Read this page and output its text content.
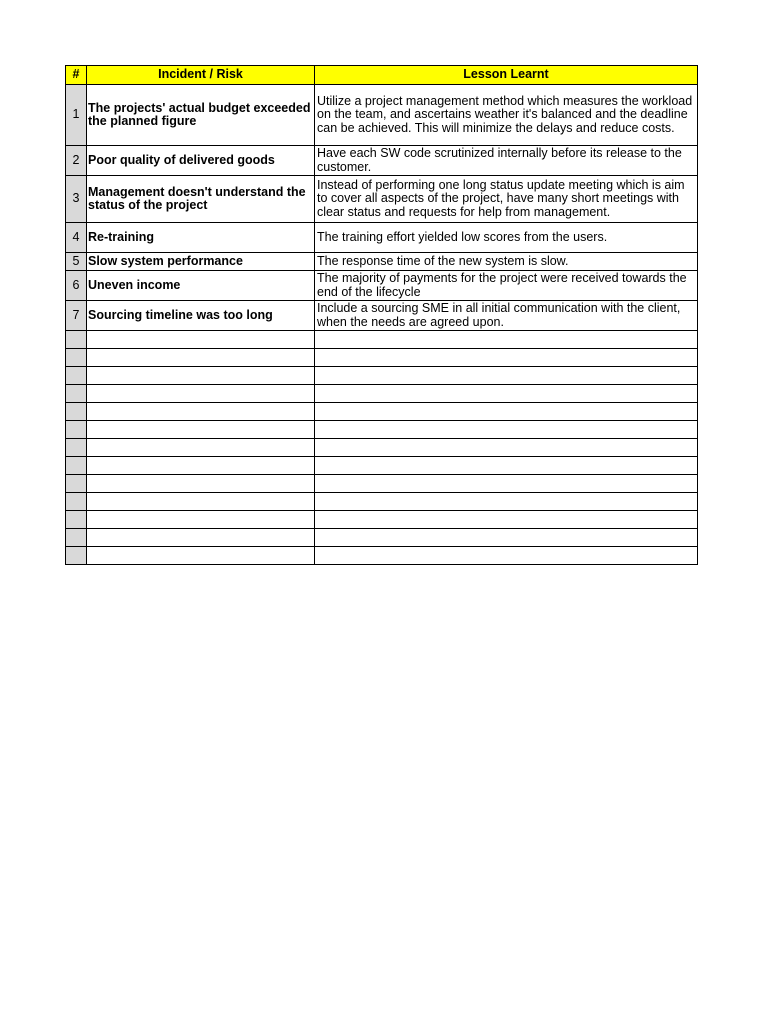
#	Incident / Risk	Lesson Learnt
1	The projects' actual budget exceeded the planned figure	Utilize a project management method which measures the workload on the team, and ascertains weather it's balanced and the deadline can be achieved. This will minimize the delays and reduce costs.
2	Poor quality of delivered goods	Have each SW code scrutinized internally before its release to the customer.
3	Management doesn't understand the status of the project	Instead of performing one long status update meeting which is aim to cover all aspects of the project, have many short meetings with clear status and requests for help from management.
4	Re-training	The training effort yielded low scores from the users.
5	Slow system performance	The response time of the new system is slow.
6	Uneven income	The majority of payments for the project were received towards the end of the lifecycle
7	Sourcing timeline was too long	Include a sourcing SME in all initial communication with the client, when the needs are agreed upon.
